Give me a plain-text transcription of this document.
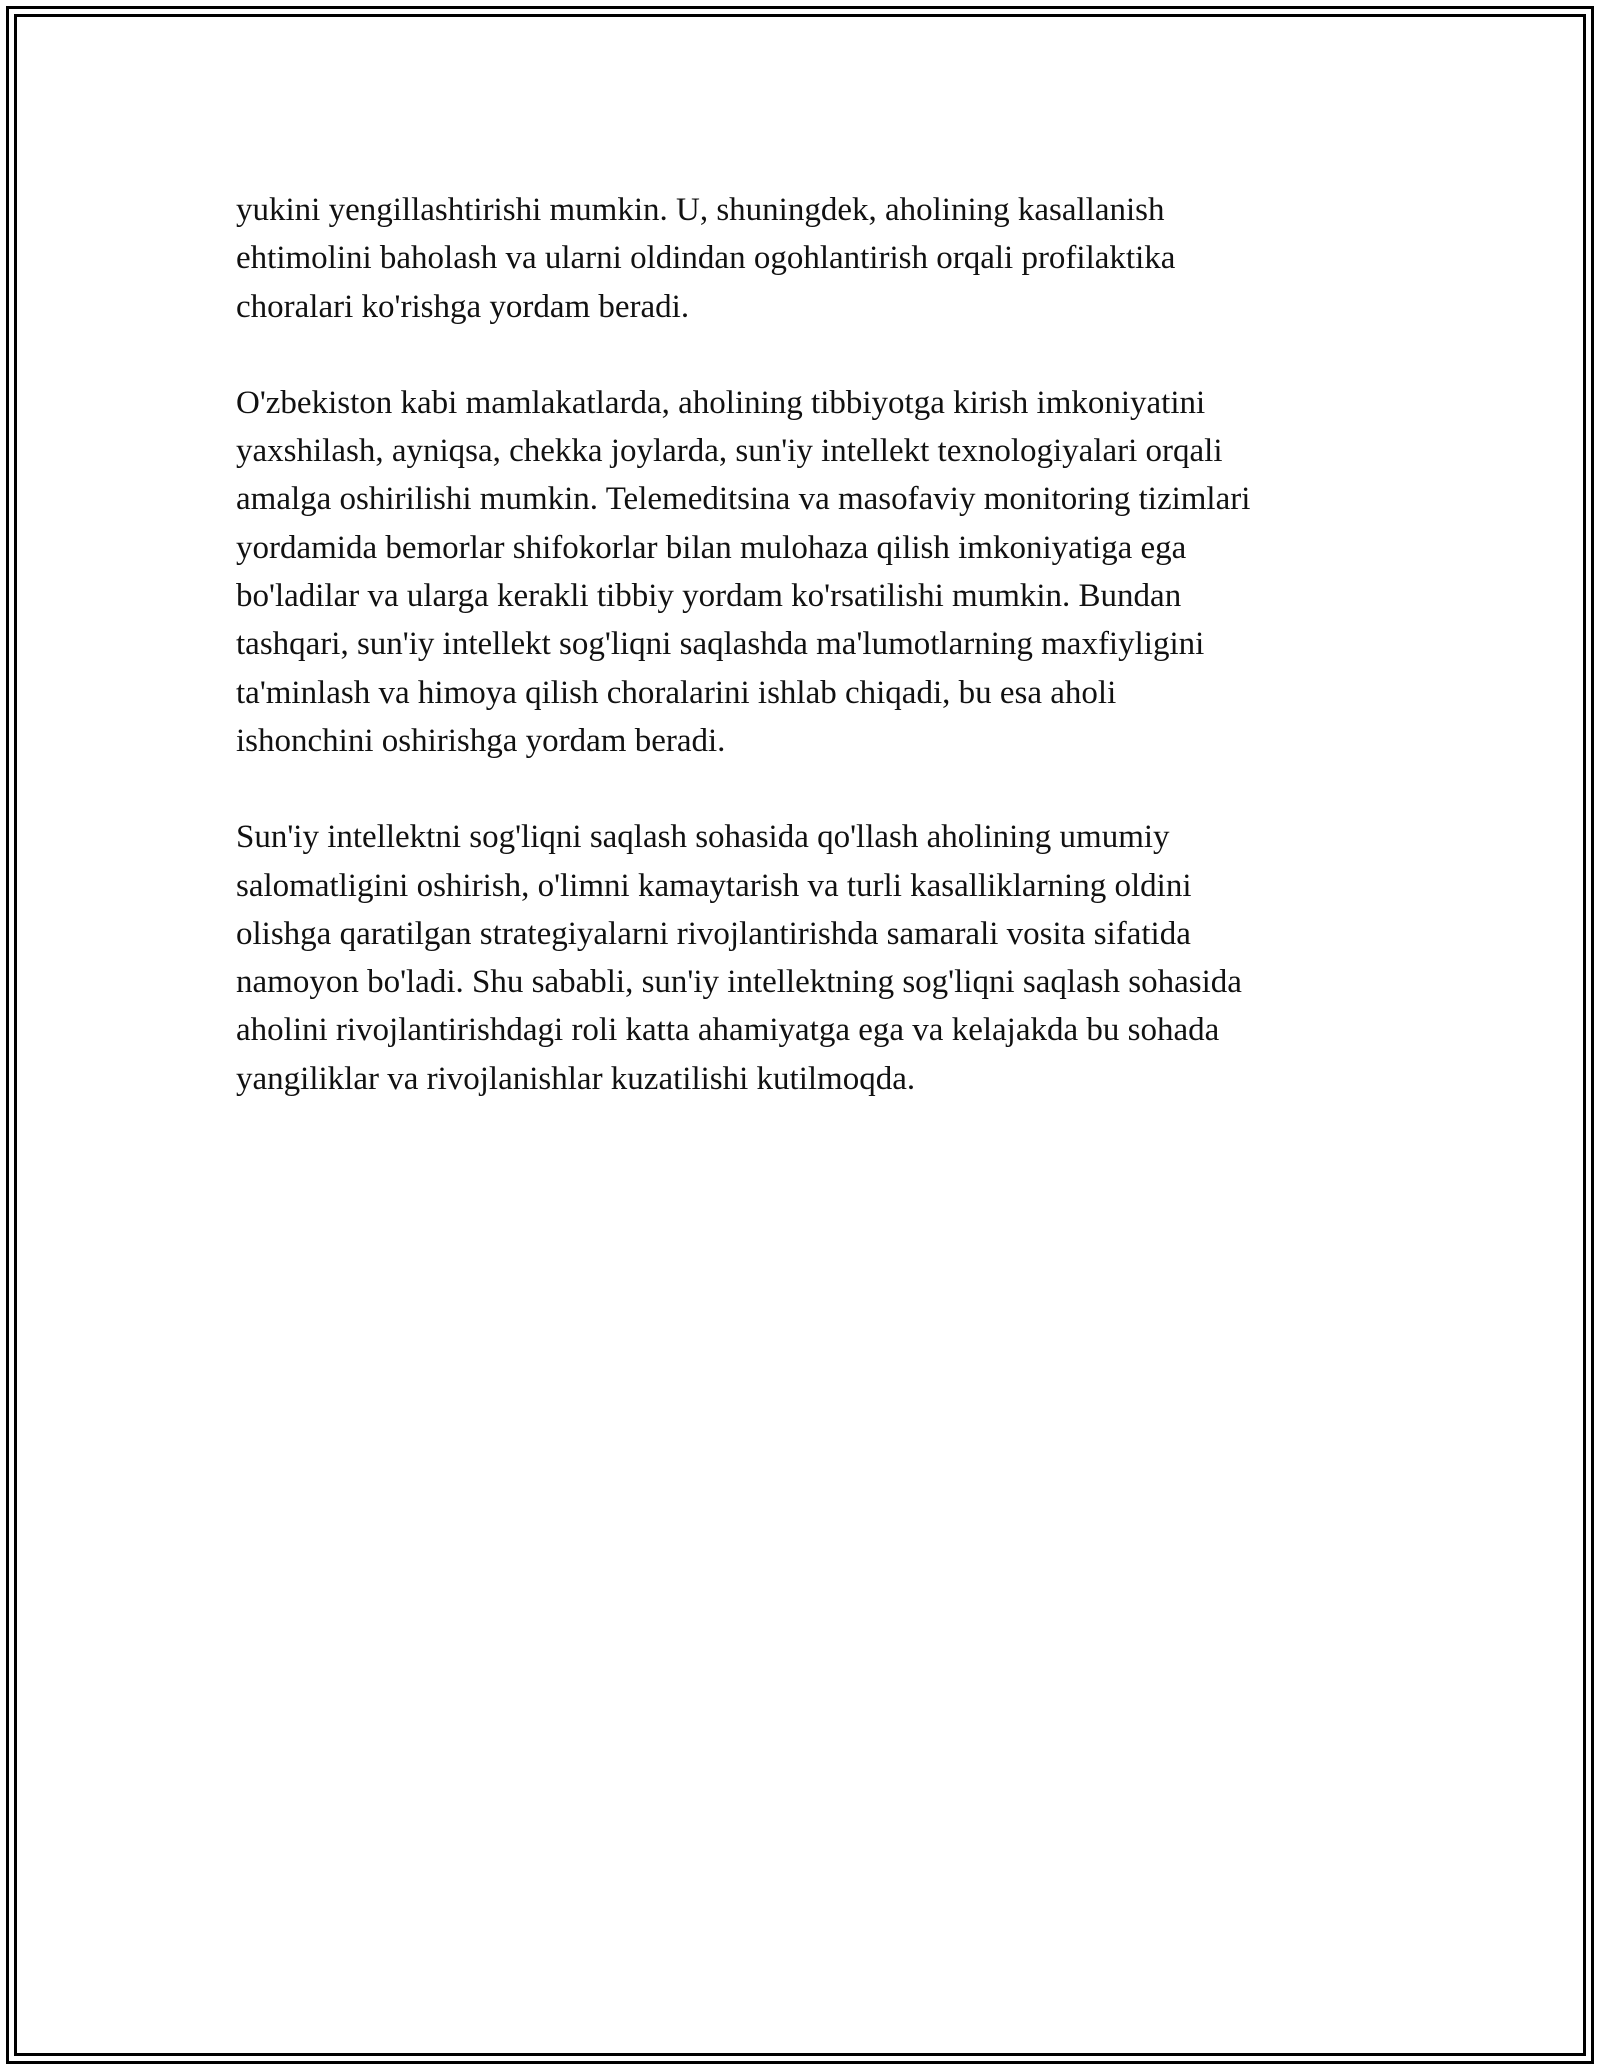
yukini yengillashtirishi mumkin. U, shuningdek, aholining kasallanish
ehtimolini baholash va ularni oldindan ogohlantirish orqali profilaktika
choralari ko'rishga yordam beradi.

O'zbekiston kabi mamlakatlarda, aholining tibbiyotga kirish imkoniyatini
yaxshilash, ayniqsa, chekka joylarda, sun'iy intellekt texnologiyalari orqali
amalga oshirilishi mumkin. Telemeditsina va masofaviy monitoring tizimlari
yordamida bemorlar shifokorlar bilan mulohaza qilish imkoniyatiga ega
bo'ladilar va ularga kerakli tibbiy yordam ko'rsatilishi mumkin. Bundan
tashqari, sun'iy intellekt sog'liqni saqlashda ma'lumotlarning maxfiyligini
ta'minlash va himoya qilish choralarini ishlab chiqadi, bu esa aholi
ishonchini oshirishga yordam beradi.

Sun'iy intellektni sog'liqni saqlash sohasida qo'llash aholining umumiy
salomatligini oshirish, o'limni kamaytarish va turli kasalliklarning oldini
olishga qaratilgan strategiyalarni rivojlantirishda samarali vosita sifatida
namoyon bo'ladi. Shu sababli, sun'iy intellektning sog'liqni saqlash sohasida
aholini rivojlantirishdagi roli katta ahamiyatga ega va kelajakda bu sohada
yangiliklar va rivojlanishlar kuzatilishi kutilmoqda.
